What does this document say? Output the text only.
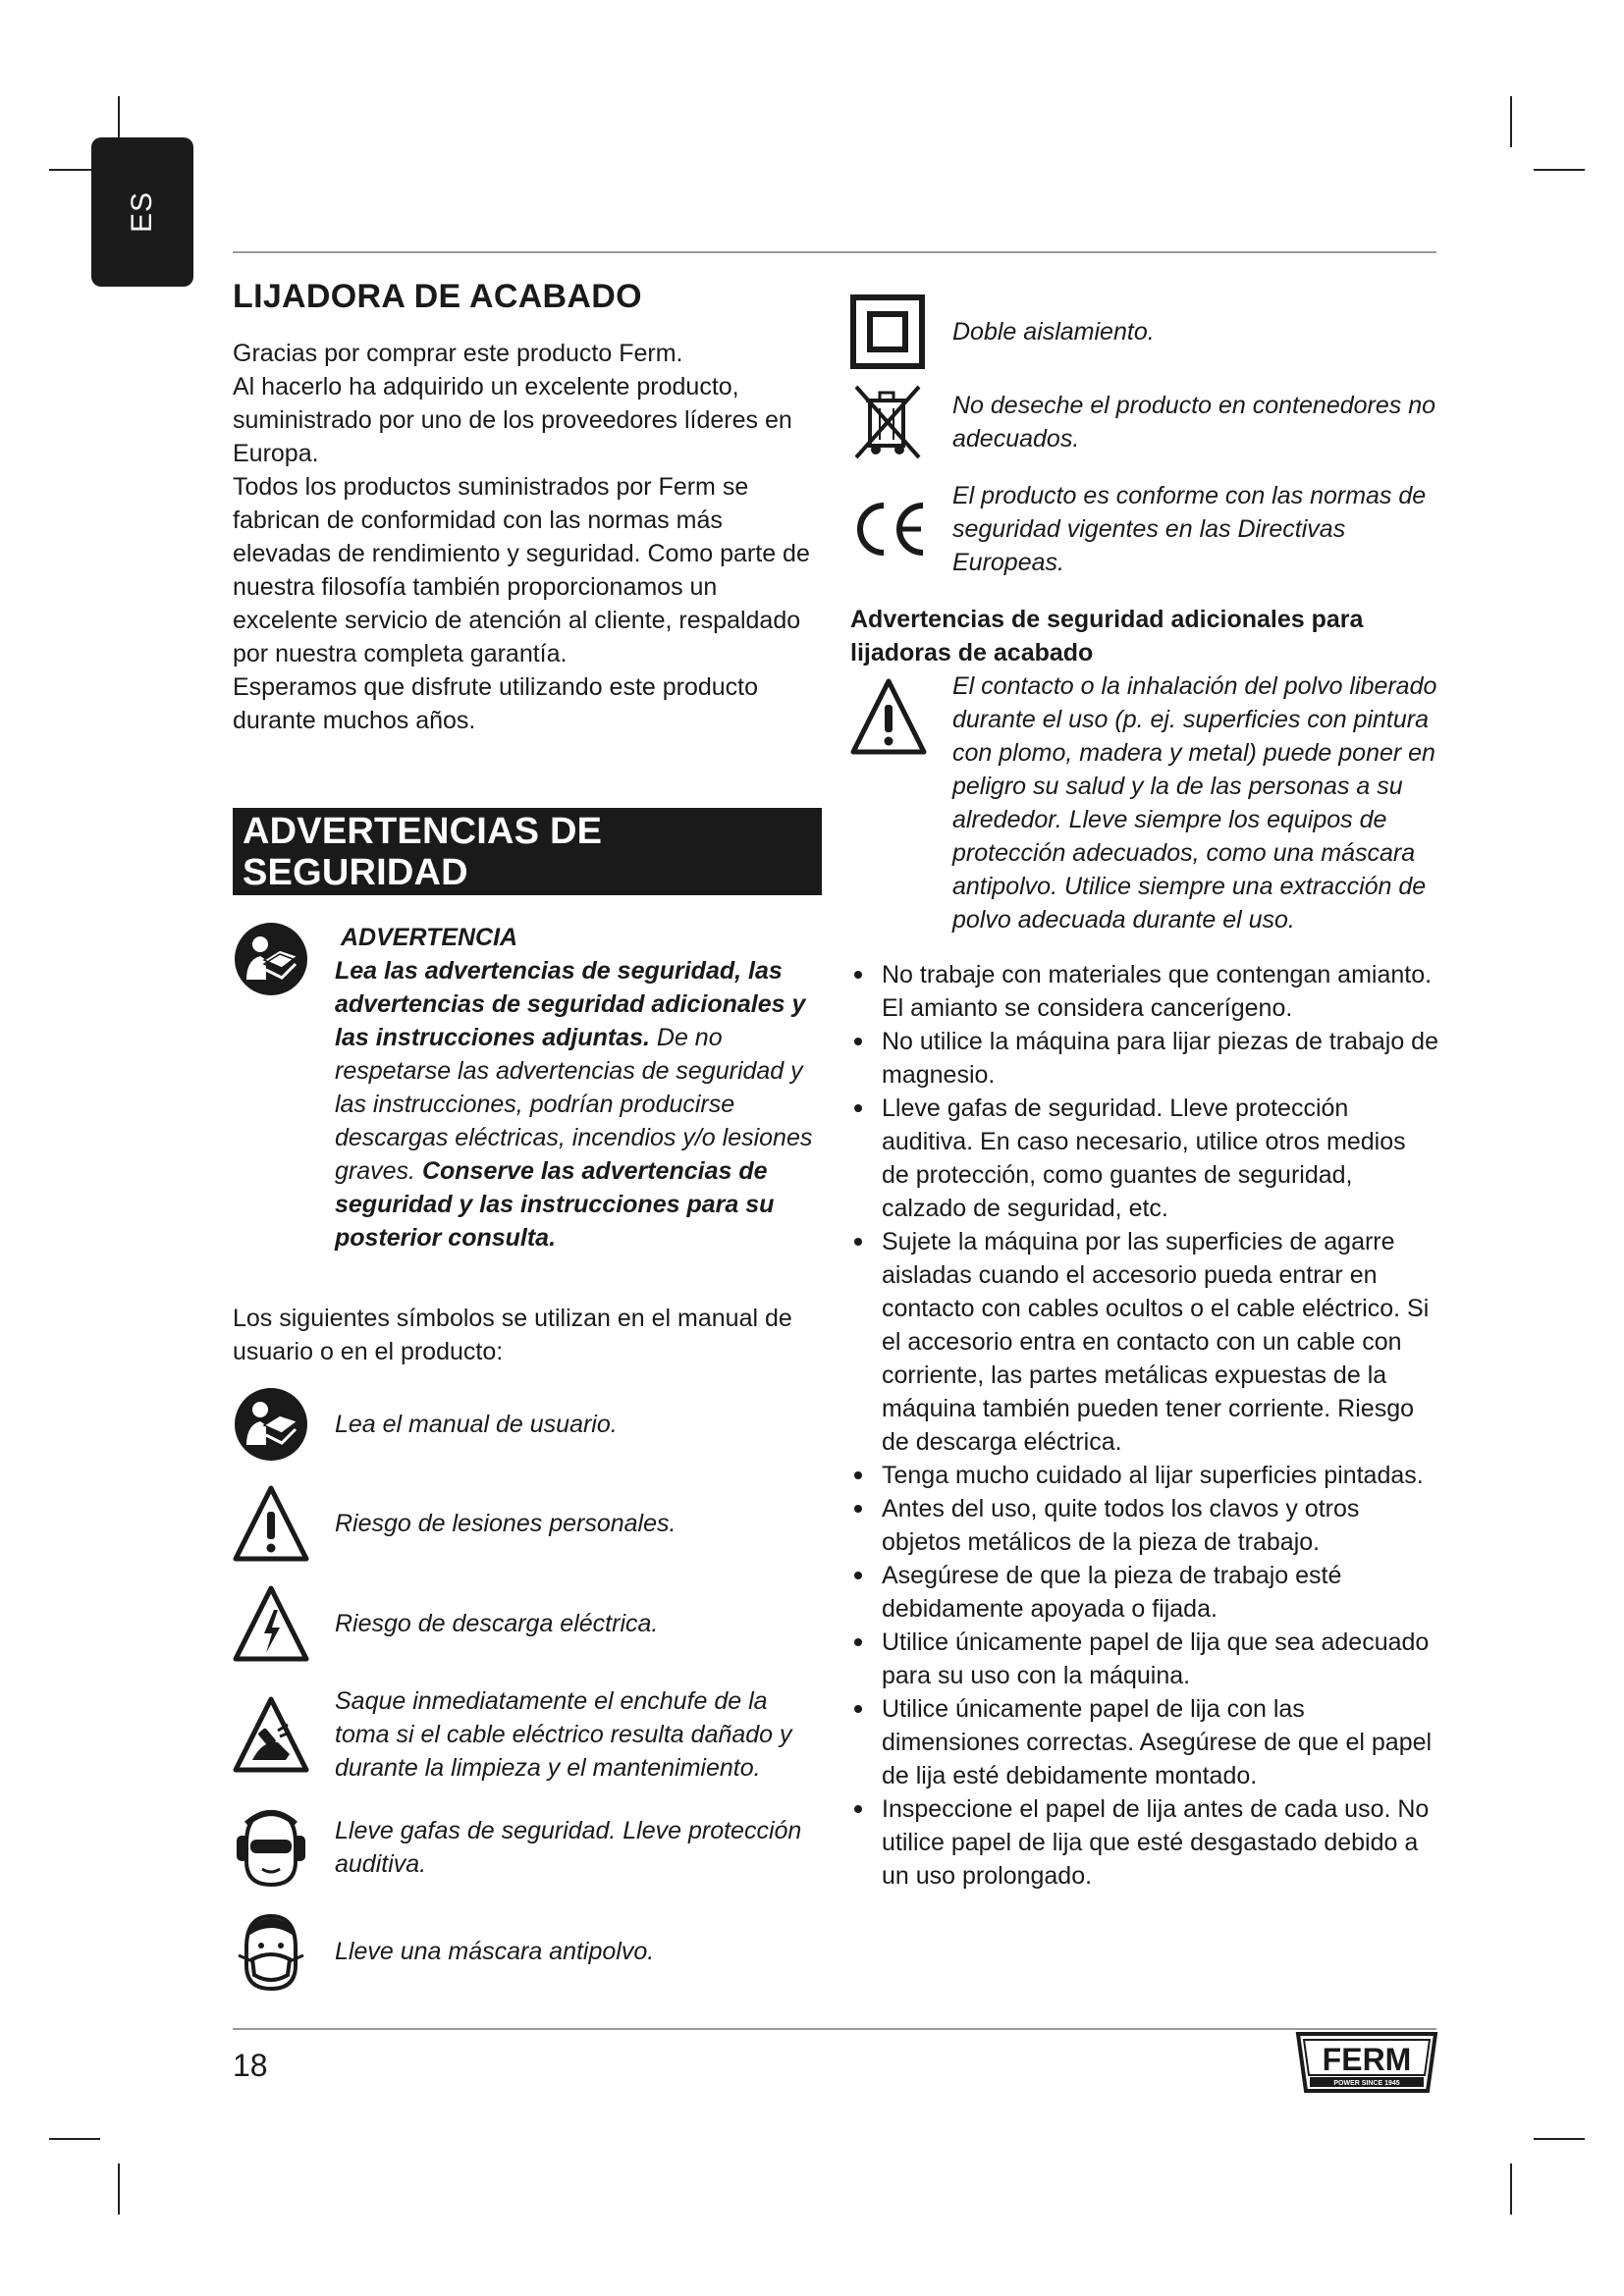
ES
LIJADORA DE ACABADO

Gracias por comprar este producto Ferm.

Al hacerlo ha adquirido un excelente producto, suministrado por uno de los proveedores líderes en Europa.

Todos los productos suministrados por Ferm se fabrican de conformidad con las normas más elevadas de rendimiento y seguridad. Como parte de nuestra filosofía también proporcionamos un excelente servicio de atención al cliente, respaldado por nuestra completa garantía.

Esperamos que disfrute utilizando este producto durante muchos años.

ADVERTENCIAS DE SEGURIDAD
ADVERTENCIA
Lea las advertencias de seguridad, las advertencias de seguridad adicionales y las instrucciones adjuntas. De no respetarse las advertencias de seguridad y las instrucciones, podrían producirse descargas eléctricas, incendios y/o lesiones graves. Conserve las advertencias de seguridad y las instrucciones para su posterior consulta.

Los siguientes símbolos se utilizan en el manual de usuario o en el producto:

Lea el manual de usuario.
Riesgo de lesiones personales.
Riesgo de descarga eléctrica.
Saque inmediatamente el enchufe de la toma si el cable eléctrico resulta dañado y durante la limpieza y el mantenimiento.
Lleve gafas de seguridad. Lleve protección auditiva.
Lleve una máscara antipolvo.
Doble aislamiento.
No deseche el producto en contenedores no adecuados.
El producto es conforme con las normas de seguridad vigentes en las Directivas Europeas.
Advertencias de seguridad adicionales para lijadoras de acabado
El contacto o la inhalación del polvo liberado durante el uso (p. ej. superficies con pintura con plomo, madera y metal) puede poner en peligro su salud y la de las personas a su alrededor. Lleve siempre los equipos de protección adecuados, como una máscara antipolvo. Utilice siempre una extracción de polvo adecuada durante el uso.
No trabaje con materiales que contengan amianto. El amianto se considera cancerígeno.
No utilice la máquina para lijar piezas de trabajo de magnesio.
Lleve gafas de seguridad. Lleve protección auditiva. En caso necesario, utilice otros medios de protección, como guantes de seguridad, calzado de seguridad, etc.
Sujete la máquina por las superficies de agarre aisladas cuando el accesorio pueda entrar en contacto con cables ocultos o el cable eléctrico. Si el accesorio entra en contacto con un cable con corriente, las partes metálicas expuestas de la máquina también pueden tener corriente. Riesgo de descarga eléctrica.
Tenga mucho cuidado al lijar superficies pintadas.
Antes del uso, quite todos los clavos y otros objetos metálicos de la pieza de trabajo.
Asegúrese de que la pieza de trabajo esté debidamente apoyada o fijada.
Utilice únicamente papel de lija que sea adecuado para su uso con la máquina.
Utilice únicamente papel de lija con las dimensiones correctas. Asegúrese de que el papel de lija esté debidamente montado.
Inspeccione el papel de lija antes de cada uso. No utilice papel de lija que esté desgastado debido a un uso prolongado.
18	FERM
POWER SINCE 1945
